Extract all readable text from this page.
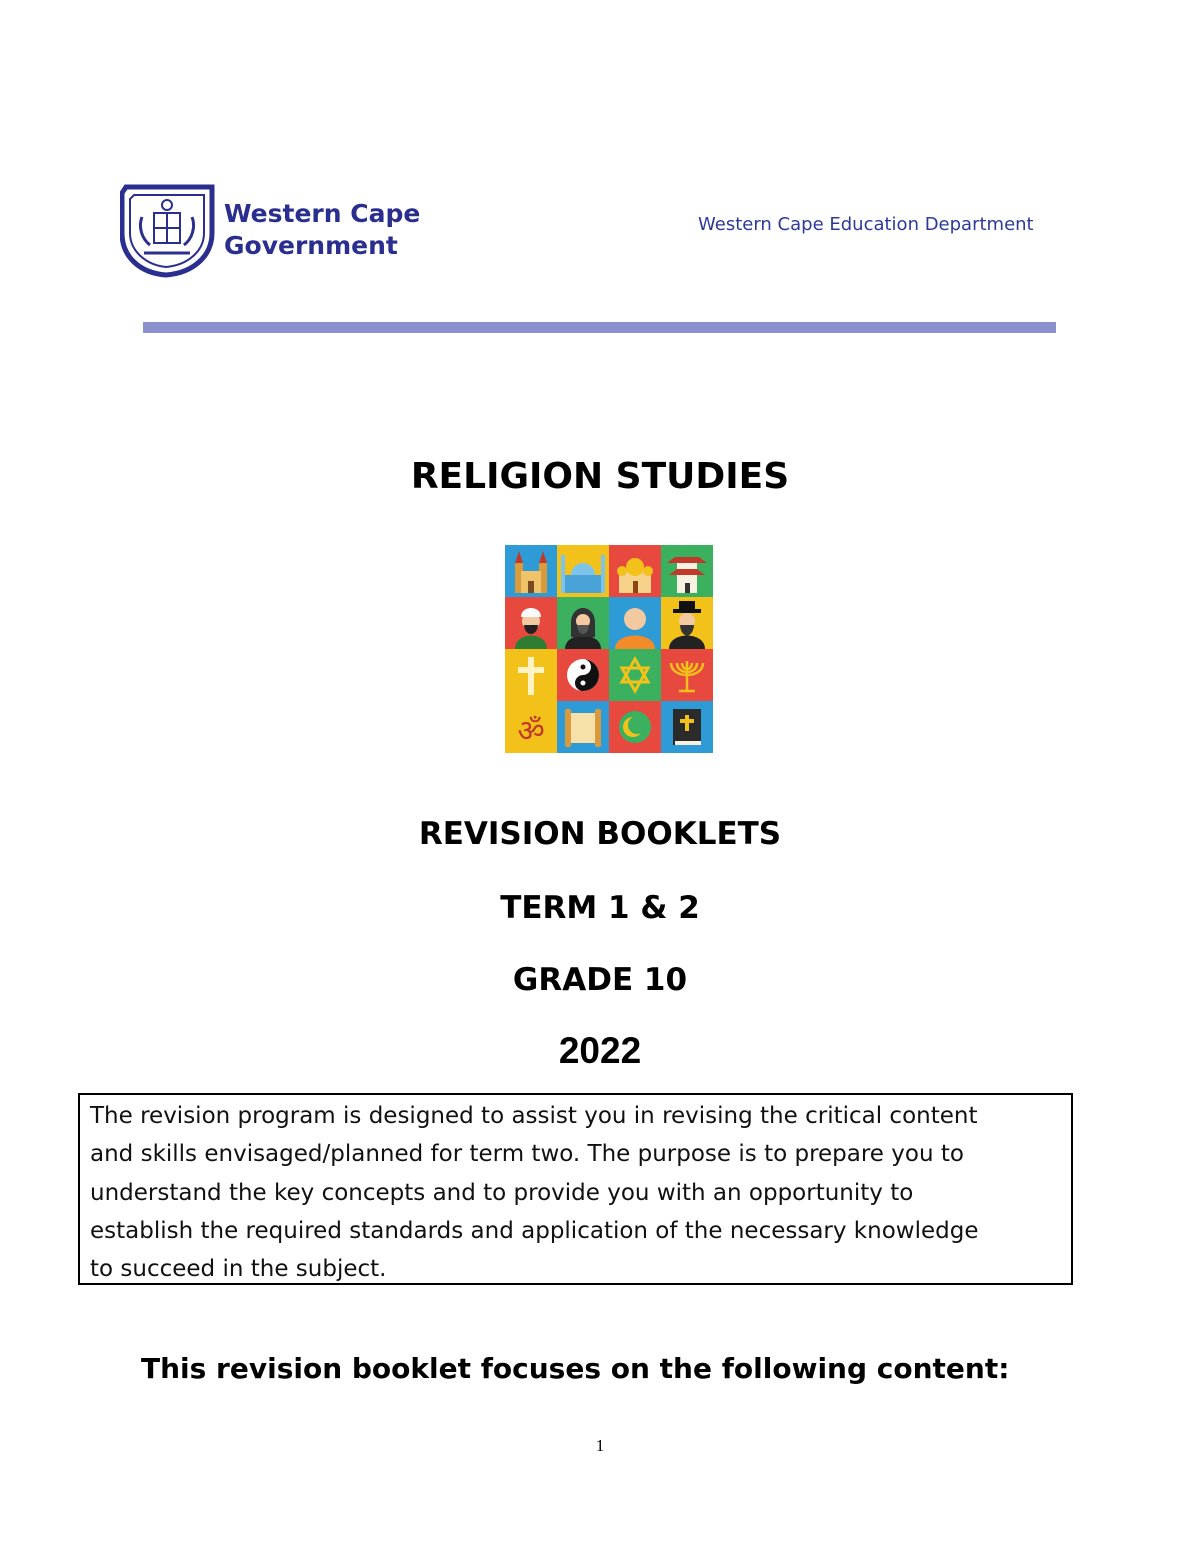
Western Cape
Government
Western Cape Education Department
RELIGION STUDIES
ॐ
REVISION BOOKLETS
TERM 1 & 2
GRADE 10
2022
The revision program is designed to assist you in revising the critical content
and skills envisaged/planned for term two. The purpose is to prepare you to
understand the key concepts and to provide you with an opportunity to
establish the required standards and application of the necessary knowledge
to succeed in the subject.
This revision booklet focuses on the following content:
1
